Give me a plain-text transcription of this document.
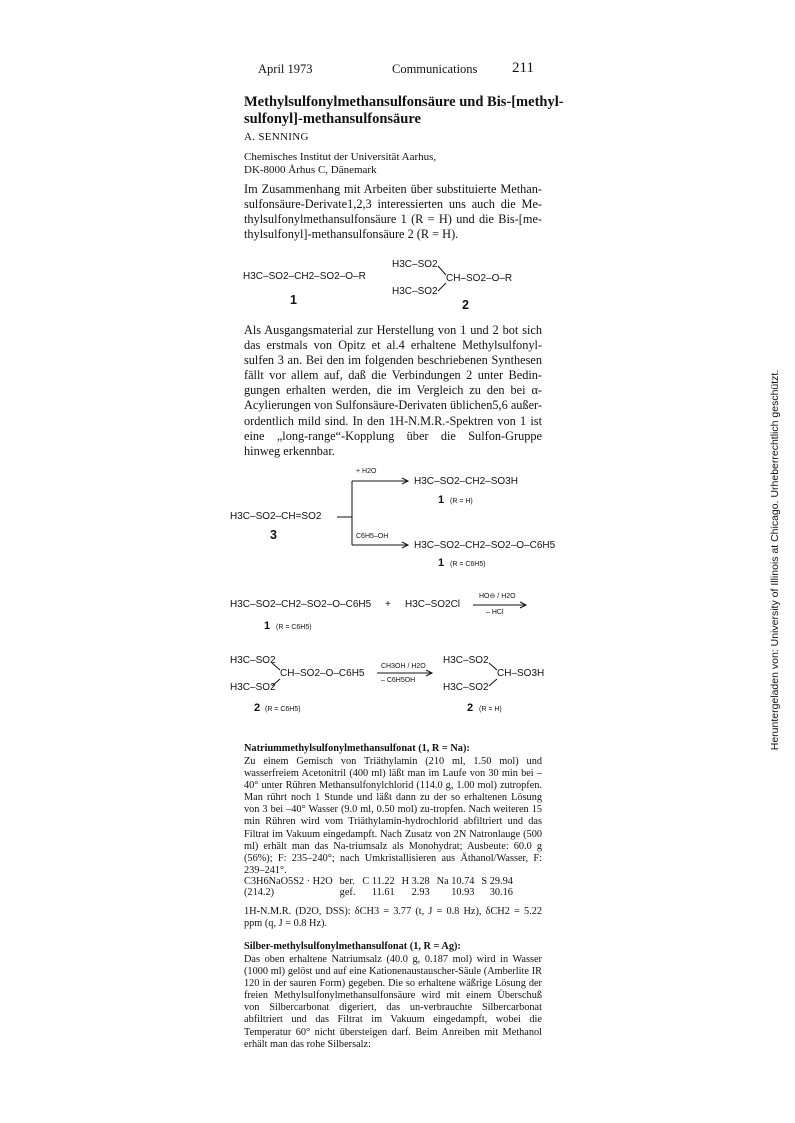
April 1973	Communications 211
Methylsulfonylmethansulfonsäure und Bis-[methyl-sulfonyl]-methansulfonsäure
A. SENNING
Chemisches Institut der Universität Aarhus,
DK-8000 Århus C, Dänemark
Im Zusammenhang mit Arbeiten über substituierte Methan-sulfonsäure-Derivate1,2,3 interessierten uns auch die Me-thylsulfonylmethansulfonsäure 1 (R = H) und die Bis-[me-thylsulfonyl]-methansulfonsäure 2 (R = H).
H3C–SO2–CH2–SO2–O–R
1
H3C–SO2
CH–SO2–O–R
H3C–SO2
2
Als Ausgangsmaterial zur Herstellung von 1 und 2 bot sich das erstmals von Opitz et al.4 erhaltene Methylsulfonyl-sulfen 3 an. Bei den im folgenden beschriebenen Synthesen fällt vor allem auf, daß die Verbindungen 2 unter Bedin-gungen erhalten werden, die im Vergleich zu den bei α-Acylierungen von Sulfonsäure-Derivaten üblichen5,6 außer-ordentlich mild sind. In den 1H-N.M.R.-Spektren von 1 ist eine „long-range“-Kopplung über die Sulfon-Gruppe hinweg erkennbar.
+ H2O
H3C–SO2–CH2–SO3H
1 (R = H)
H3C–SO2–CH=SO2
3	C6H5–OH
H3C–SO2–CH2–SO2–O–C6H5
1 (R = C6H5)
H3C–SO2–CH2–SO2–O–C6H5 + H3C–SO2Cl
HO⊖ / H2O
– HCl
1 (R = C6H5)
H3C–SO2
CH–SO2–O–C6H5
H3C–SO2
CH3OH / H2O
– C6H5OH
H3C–SO2
CH–SO3H
H3C–SO2
2 (R = C6H5)	2 (R = H)
Natriummethylsulfonylmethansulfonat (1, R = Na):
Zu einem Gemisch von Triäthylamin (210 ml, 1.50 mol) und wasserfreiem Acetonitril (400 ml) läßt man im Laufe von 30 min bei –40° unter Rühren Methansulfonylchlorid (114.0 g, 1.00 mol) zutropfen. Man rührt noch 1 Stunde und läßt dann zu der so erhaltenen Lösung von 3 bei –40° Wasser (9.0 ml, 0.50 mol) zu-tropfen. Nach weiteren 15 min Rühren wird vom Triäthylamin-hydrochlorid abfiltriert und das Filtrat im Vakuum eingedampft. Nach Zusatz von 2N Natronlauge (500 ml) erhält man das Na-triumsalz als Monohydrat; Ausbeute: 60.0 g (56%); F: 235–240°; nach Umkristallisieren aus Äthanol/Wasser, F: 239–241°.
C3H6NaO5S2 · H2O	ber.	C 11.22	H 3.28	Na 10.74	S 29.94
(214.2)	gef.	11.61	2.93	10.93	30.16
1H-N.M.R. (D2O, DSS): δCH3 = 3.77 (t, J = 0.8 Hz), δCH2 = 5.22 ppm (q, J = 0.8 Hz).
Silber-methylsulfonylmethansulfonat (1, R = Ag):
Das oben erhaltene Natriumsalz (40.0 g, 0.187 mol) wird in Wasser (1000 ml) gelöst und auf eine Kationenaustauscher-Säule (Amberlite IR 120 in der sauren Form) gegeben. Die so erhaltene wäßrige Lösung der freien Methylsulfonylmethansulfonsäure wird mit einem Überschuß von Silbercarbonat digeriert, das un-verbrauchte Silbercarbonat abfiltriert und das Filtrat im Vakuum eingedampft, wobei die Temperatur 60° nicht übersteigen darf. Beim Anreiben mit Methanol erhält man das rohe Silbersalz:
Heruntergeladen von: University of Illinois at Chicago. Urheberrechtlich geschützt.
